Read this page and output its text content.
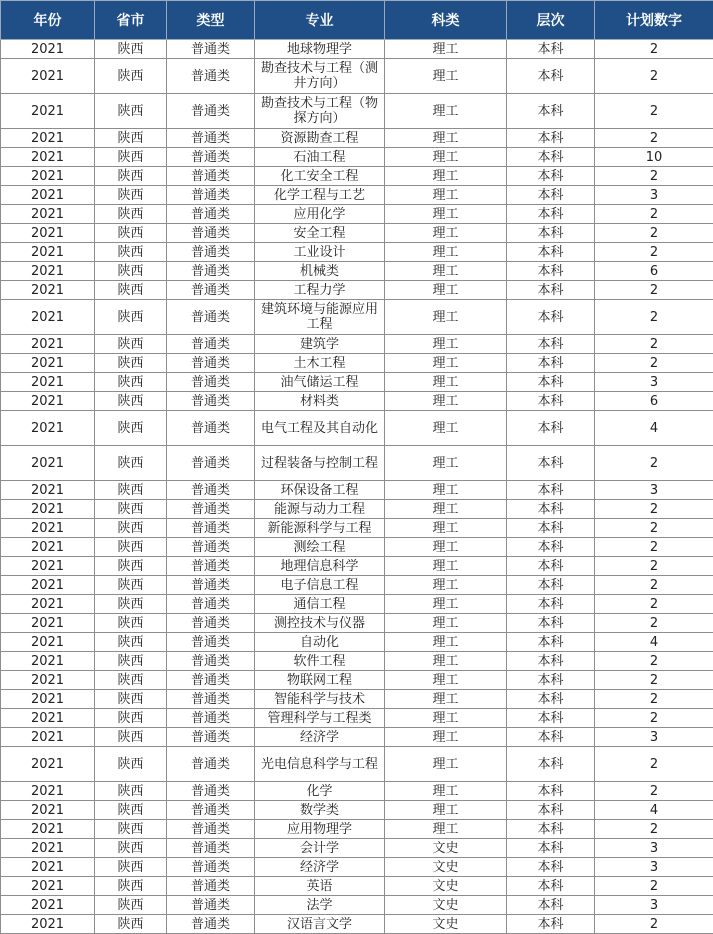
年份	省市	类型	专业	科类	层次	计划数字
2021	陕西	普通类	地球物理学	理工	本科	2
2021	陕西	普通类	勘查技术与工程（测井方向）	理工	本科	2
2021	陕西	普通类	勘查技术与工程（物探方向）	理工	本科	2
2021	陕西	普通类	资源勘查工程	理工	本科	2
2021	陕西	普通类	石油工程	理工	本科	10
2021	陕西	普通类	化工安全工程	理工	本科	2
2021	陕西	普通类	化学工程与工艺	理工	本科	3
2021	陕西	普通类	应用化学	理工	本科	2
2021	陕西	普通类	安全工程	理工	本科	2
2021	陕西	普通类	工业设计	理工	本科	2
2021	陕西	普通类	机械类	理工	本科	6
2021	陕西	普通类	工程力学	理工	本科	2
2021	陕西	普通类	建筑环境与能源应用工程	理工	本科	2
2021	陕西	普通类	建筑学	理工	本科	2
2021	陕西	普通类	土木工程	理工	本科	2
2021	陕西	普通类	油气储运工程	理工	本科	3
2021	陕西	普通类	材料类	理工	本科	6
2021	陕西	普通类	电气工程及其自动化	理工	本科	4
2021	陕西	普通类	过程装备与控制工程	理工	本科	2
2021	陕西	普通类	环保设备工程	理工	本科	3
2021	陕西	普通类	能源与动力工程	理工	本科	2
2021	陕西	普通类	新能源科学与工程	理工	本科	2
2021	陕西	普通类	测绘工程	理工	本科	2
2021	陕西	普通类	地理信息科学	理工	本科	2
2021	陕西	普通类	电子信息工程	理工	本科	2
2021	陕西	普通类	通信工程	理工	本科	2
2021	陕西	普通类	测控技术与仪器	理工	本科	2
2021	陕西	普通类	自动化	理工	本科	4
2021	陕西	普通类	软件工程	理工	本科	2
2021	陕西	普通类	物联网工程	理工	本科	2
2021	陕西	普通类	智能科学与技术	理工	本科	2
2021	陕西	普通类	管理科学与工程类	理工	本科	2
2021	陕西	普通类	经济学	理工	本科	3
2021	陕西	普通类	光电信息科学与工程	理工	本科	2
2021	陕西	普通类	化学	理工	本科	2
2021	陕西	普通类	数学类	理工	本科	4
2021	陕西	普通类	应用物理学	理工	本科	2
2021	陕西	普通类	会计学	文史	本科	3
2021	陕西	普通类	经济学	文史	本科	3
2021	陕西	普通类	英语	文史	本科	2
2021	陕西	普通类	法学	文史	本科	3
2021	陕西	普通类	汉语言文学	文史	本科	2
